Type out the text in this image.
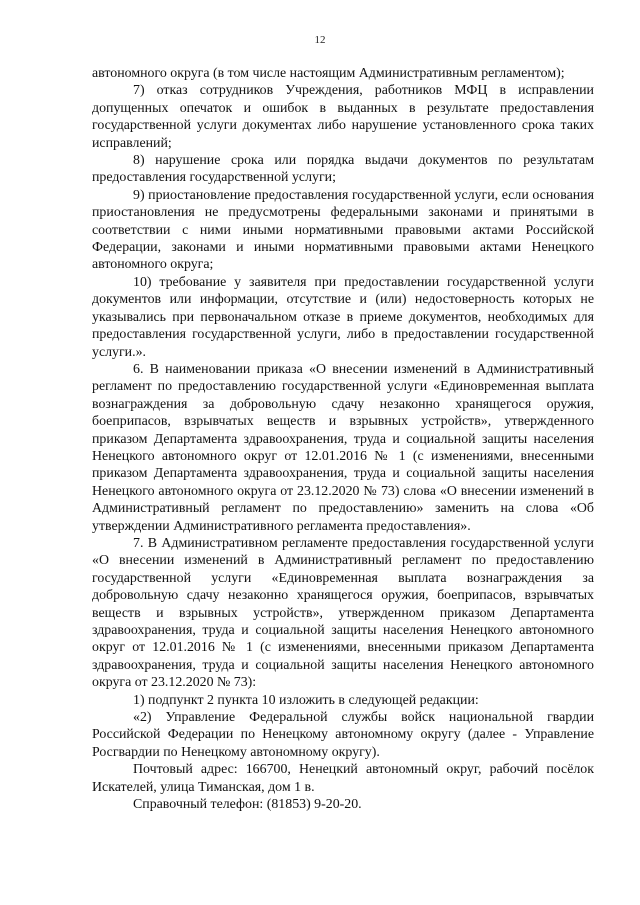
12

автономного округа (в том числе настоящим Административным регламентом);

7) отказ сотрудников Учреждения, работников МФЦ в исправлении допущенных опечаток и ошибок в выданных в результате предоставления государственной услуги документах либо нарушение установленного срока таких исправлений;

8) нарушение срока или порядка выдачи документов по результатам предоставления государственной услуги;

9) приостановление предоставления государственной услуги, если основания приостановления не предусмотрены федеральными законами и принятыми в соответствии с ними иными нормативными правовыми актами Российской Федерации, законами и иными нормативными правовыми актами Ненецкого автономного округа;

10) требование у заявителя при предоставлении государственной услуги документов или информации, отсутствие и (или) недостоверность которых не указывались при первоначальном отказе в приеме документов, необходимых для предоставления государственной услуги, либо в предоставлении государственной услуги.».

6. В наименовании приказа «О внесении изменений в Административный регламент по предоставлению государственной услуги «Единовременная выплата вознаграждения за добровольную сдачу незаконно хранящегося оружия, боеприпасов, взрывчатых веществ и взрывных устройств», утвержденного приказом Департамента здравоохранения, труда и социальной защиты населения Ненецкого автономного округ от 12.01.2016 № 1 (с изменениями, внесенными приказом Департамента здравоохранения, труда и социальной защиты населения Ненецкого автономного округа от 23.12.2020 № 73) слова «О внесении изменений в Административный регламент по предоставлению» заменить на слова «Об утверждении Административного регламента предоставления».

7. В Административном регламенте предоставления государственной услуги «О внесении изменений в Административный регламент по предоставлению государственной услуги «Единовременная выплата вознаграждения за добровольную сдачу незаконно хранящегося оружия, боеприпасов, взрывчатых веществ и взрывных устройств», утвержденном приказом Департамента здравоохранения, труда и социальной защиты населения Ненецкого автономного округ от 12.01.2016 № 1 (с изменениями, внесенными приказом Департамента здравоохранения, труда и социальной защиты населения Ненецкого автономного округа от 23.12.2020 № 73):

1) подпункт 2 пункта 10 изложить в следующей редакции:

«2) Управление Федеральной службы войск национальной гвардии Российской Федерации по Ненецкому автономному округу (далее - Управление Росгвардии по Ненецкому автономному округу).

Почтовый адрес: 166700, Ненецкий автономный округ, рабочий посёлок Искателей, улица Тиманская, дом 1 в.

Справочный телефон: (81853) 9-20-20.
